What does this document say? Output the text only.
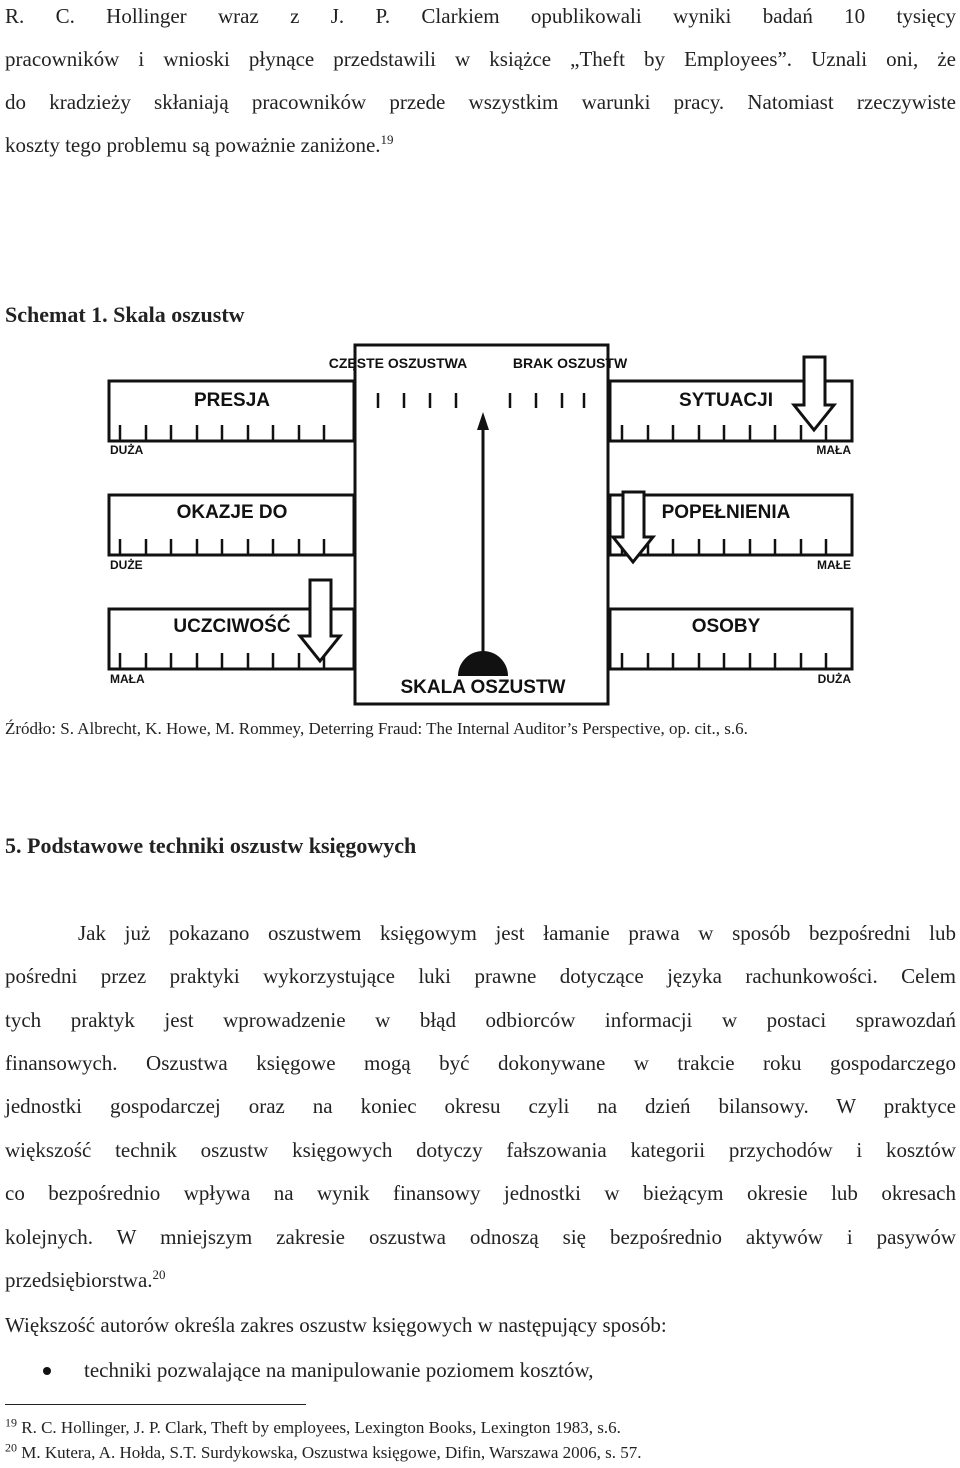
R. C. Hollinger wraz z J. P. Clarkiem opublikowali wyniki badań 10 tysięcy
pracowników i wnioski płynące przedstawili w książce „Theft by Employees”. Uznali oni, że
do kradzieży skłaniają pracowników przede wszystkim warunki pracy. Natomiast rzeczywiste
koszty tego problemu są poważnie zaniżone.$^{19}$
Schemat 1. Skala oszustw
CZĘSTE OSZUSTWA	BRAK OSZUSTW
PRESJA	SYTUACJI
DUŻA	MAŁA
OKAZJE DO	POPEŁNIENIA
DUŻE	MAŁE
UCZCIWOŚĆ	OSOBY
MAŁA	DUŻA
SKALA OSZUSTW
Źródło: S. Albrecht, K. Howe, M. Rommey, Deterring Fraud: The Internal Auditor’s Perspective, op. cit., s.6.
5. Podstawowe techniki oszustw księgowych
Jak już pokazano oszustwem księgowym jest łamanie prawa w sposób bezpośredni lub
pośredni przez praktyki wykorzystujące luki prawne dotyczące języka rachunkowości. Celem
tych praktyk jest wprowadzenie w błąd odbiorców informacji w postaci sprawozdań
finansowych. Oszustwa księgowe mogą być dokonywane w trakcie roku gospodarczego
jednostki gospodarczej oraz na koniec okresu czyli na dzień bilansowy. W praktyce
większość technik oszustw księgowych dotyczy fałszowania kategorii przychodów i kosztów
co bezpośrednio wpływa na wynik finansowy jednostki w bieżącym okresie lub okresach
kolejnych. W mniejszym zakresie oszustwa odnoszą się bezpośrednio aktywów i pasywów
przedsiębiorstwa.$^{20}$
Większość autorów określa zakres oszustw księgowych w następujący sposób:
techniki pozwalające na manipulowanie poziomem kosztów,
$^{19}$ R. C. Hollinger, J. P. Clark, Theft by employees, Lexington Books, Lexington 1983, s.6.
$^{20}$ M. Kutera, A. Hołda, S.T. Surdykowska, Oszustwa księgowe, Difin, Warszawa 2006, s. 57.
